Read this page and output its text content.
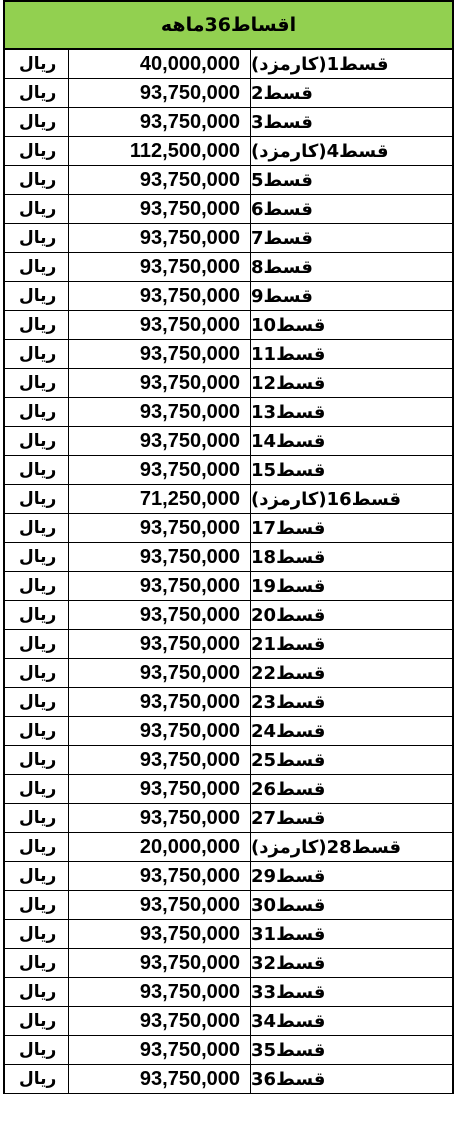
اقساط36ماهه
ریال	40,000,000 قسط1(کارمزد)
ریال	93,750,000 قسط2
ریال	93,750,000 قسط3
ریال	112,500,000 قسط4(کارمزد)
ریال	93,750,000 قسط5
ریال	93,750,000 قسط6
ریال	93,750,000 قسط7
ریال	93,750,000 قسط8
ریال	93,750,000 قسط9
ریال	93,750,000 قسط10
ریال	93,750,000 قسط11
ریال	93,750,000 قسط12
ریال	93,750,000 قسط13
ریال	93,750,000 قسط14
ریال	93,750,000 قسط15
ریال	71,250,000 قسط16(کارمزد)
ریال	93,750,000 قسط17
ریال	93,750,000 قسط18
ریال	93,750,000 قسط19
ریال	93,750,000 قسط20
ریال	93,750,000 قسط21
ریال	93,750,000 قسط22
ریال	93,750,000 قسط23
ریال	93,750,000 قسط24
ریال	93,750,000 قسط25
ریال	93,750,000 قسط26
ریال	93,750,000 قسط27
ریال	20,000,000 قسط28(کارمزد)
ریال	93,750,000 قسط29
ریال	93,750,000 قسط30
ریال	93,750,000 قسط31
ریال	93,750,000 قسط32
ریال	93,750,000 قسط33
ریال	93,750,000 قسط34
ریال	93,750,000 قسط35
ریال	93,750,000 قسط36
